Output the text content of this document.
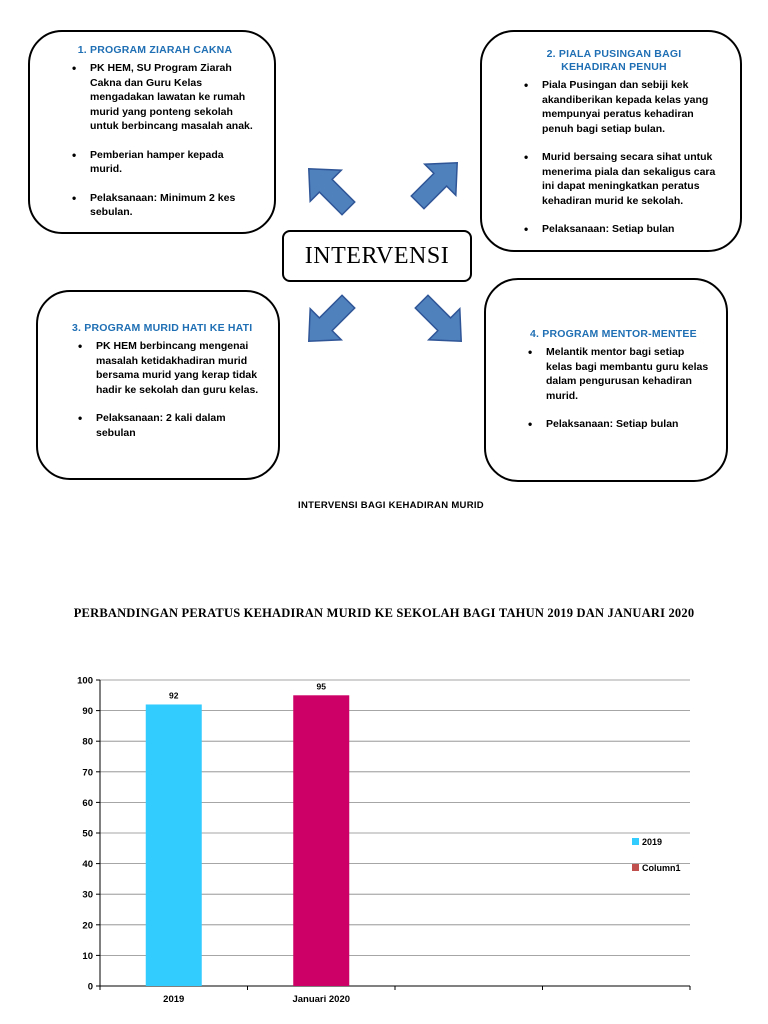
1. PROGRAM ZIARAH CAKNA
• PK HEM, SU Program Ziarah Cakna dan Guru Kelas mengadakan lawatan ke rumah murid yang ponteng sekolah untuk berbincang masalah anak.
• Pemberian hamper kepada murid.
• Pelaksanaan: Minimum 2 kes sebulan.
2. PIALA PUSINGAN BAGI KEHADIRAN PENUH
• Piala Pusingan dan sebiji kek akandiberikan kepada kelas yang mempunyai peratus kehadiran penuh bagi setiap bulan.
• Murid bersaing secara sihat untuk menerima piala dan sekaligus cara ini dapat meningkatkan peratus kehadiran murid ke sekolah.
• Pelaksanaan: Setiap bulan
3. PROGRAM MURID HATI KE HATI
• PK HEM berbincang mengenai masalah ketidakhadiran murid bersama murid yang kerap tidak hadir ke sekolah dan guru kelas.
• Pelaksanaan: 2 kali dalam sebulan
4. PROGRAM MENTOR-MENTEE
• Melantik mentor bagi setiap kelas bagi membantu guru kelas dalam pengurusan kehadiran murid.
• Pelaksanaan: Setiap bulan
INTERVENSI
INTERVENSI BAGI KEHADIRAN MURID
PERBANDINGAN PERATUS KEHADIRAN MURID KE SEKOLAH BAGI TAHUN 2019 DAN JANUARI 2020
0
10
20
30
40
50
60
70
80
90
100
2019
92
Januari 2020
95
2019
Column1
